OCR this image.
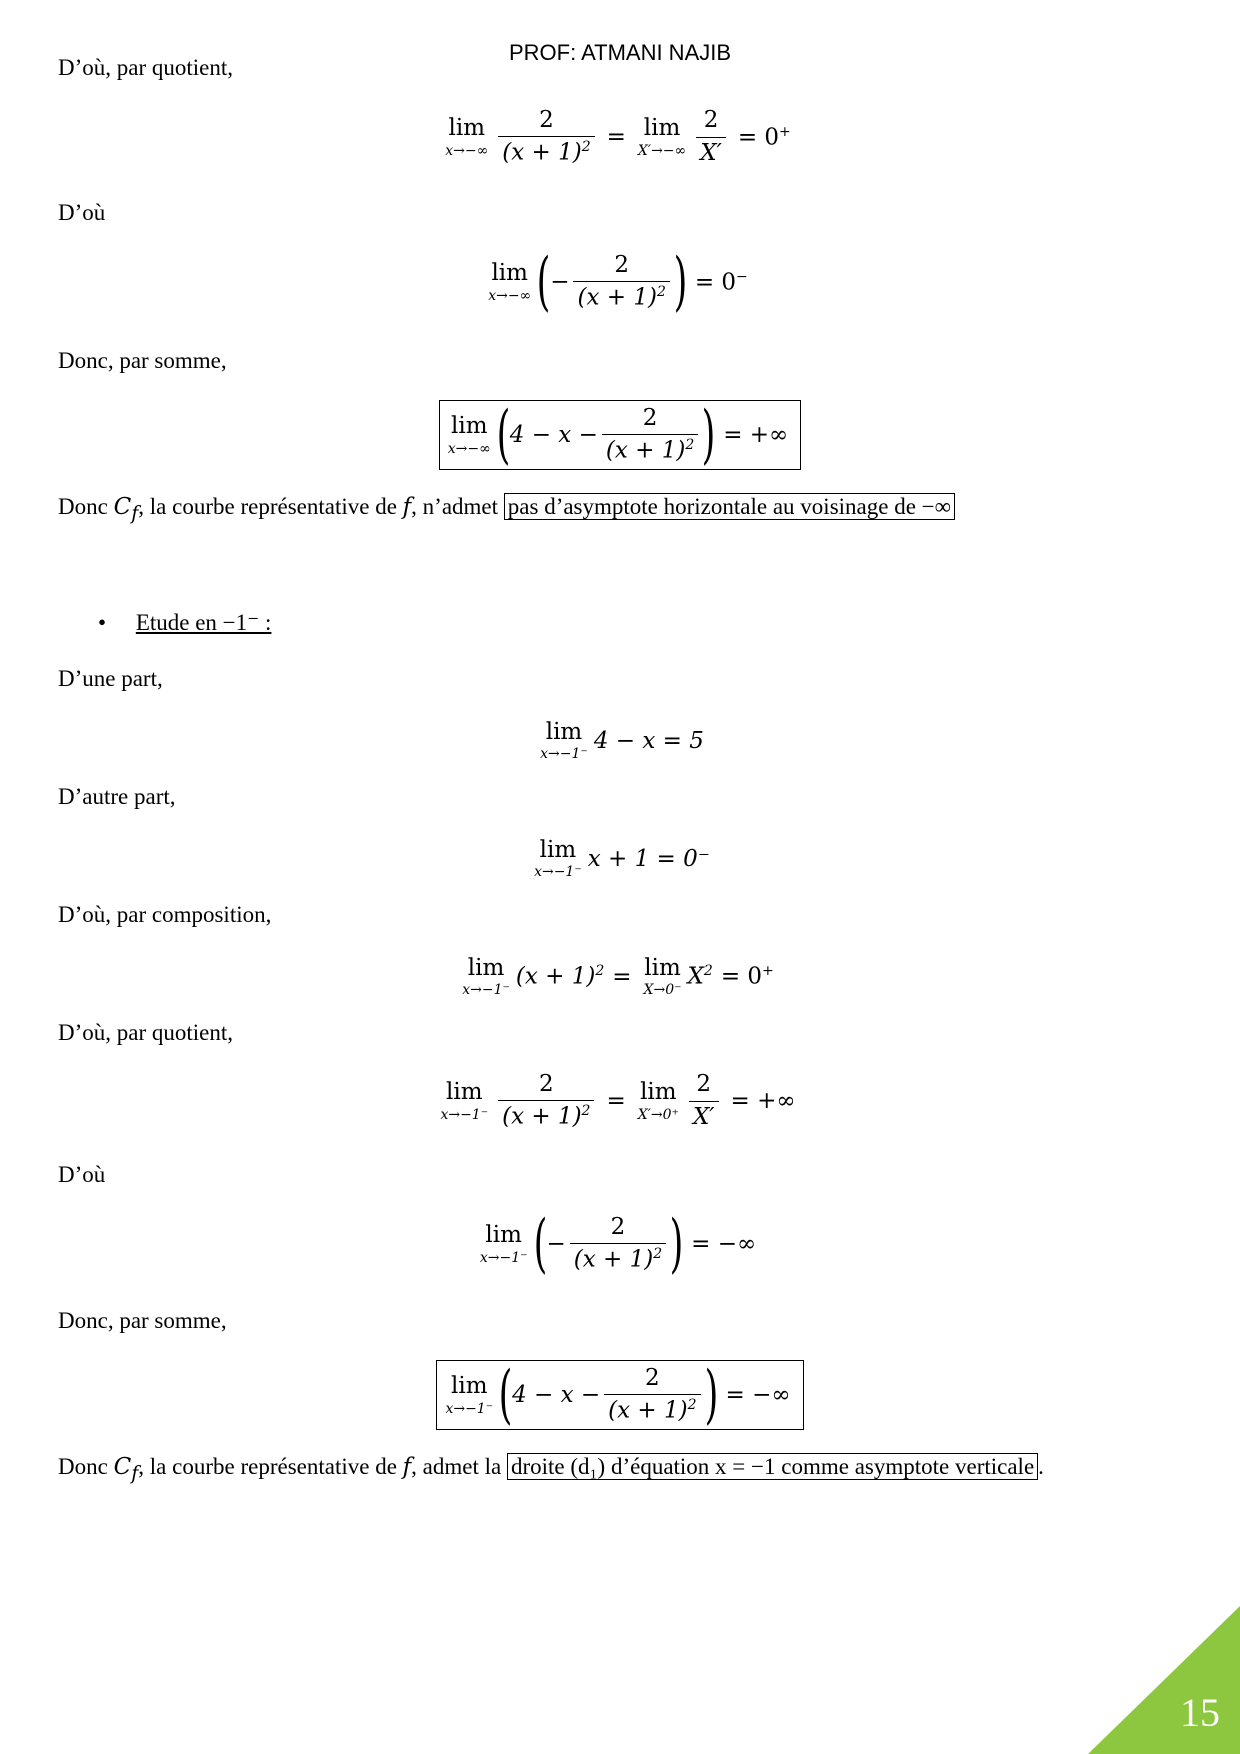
PROF: ATMANI NAJIB
D’où, par quotient,
lim
$x\to-\infty \frac{2}{(x + 1)^2} = \lim$
$X'\to-\infty \frac{2}{X'} = 0^+$
D’où
lim
x→−∞ ( − $\frac{2}{(x + 1)^2}$ ) = 0−
Donc, par somme,
lim
x→−∞ ( $4 - x - \frac{2}{(x + 1)^2}$ ) = +∞
Donc $C_f$, la courbe représentative de f, n’admet pas d’asymptote horizontale au voisinage de −∞
• Etude en −1⁻ :
D’une part,
lim
x→−1⁻
4 − x = 5
D’autre part,
lim
x→−1⁻
x + 1 = 0⁻
D’où, par composition,
lim
x→−1⁻
$(x + 1)^2 = \lim$
X→0⁻
$X^2 = 0^+$
D’où, par quotient,
lim
$x\to-1^- \frac{2}{(x + 1)^2} = \lim$
$X'\to 0^+ \frac{2}{X'}$ = +∞
D’où
lim
x→−1⁻ ( − $\frac{2}{(x + 1)^2}$ ) = −∞
Donc, par somme,
lim
x→−1⁻ ( $4 - x - \frac{2}{(x + 1)^2}$ ) = −∞
Donc $C_f$, la courbe représentative de f, admet la droite (d₁) d’équation x = −1 comme asymptote verticale .
15
